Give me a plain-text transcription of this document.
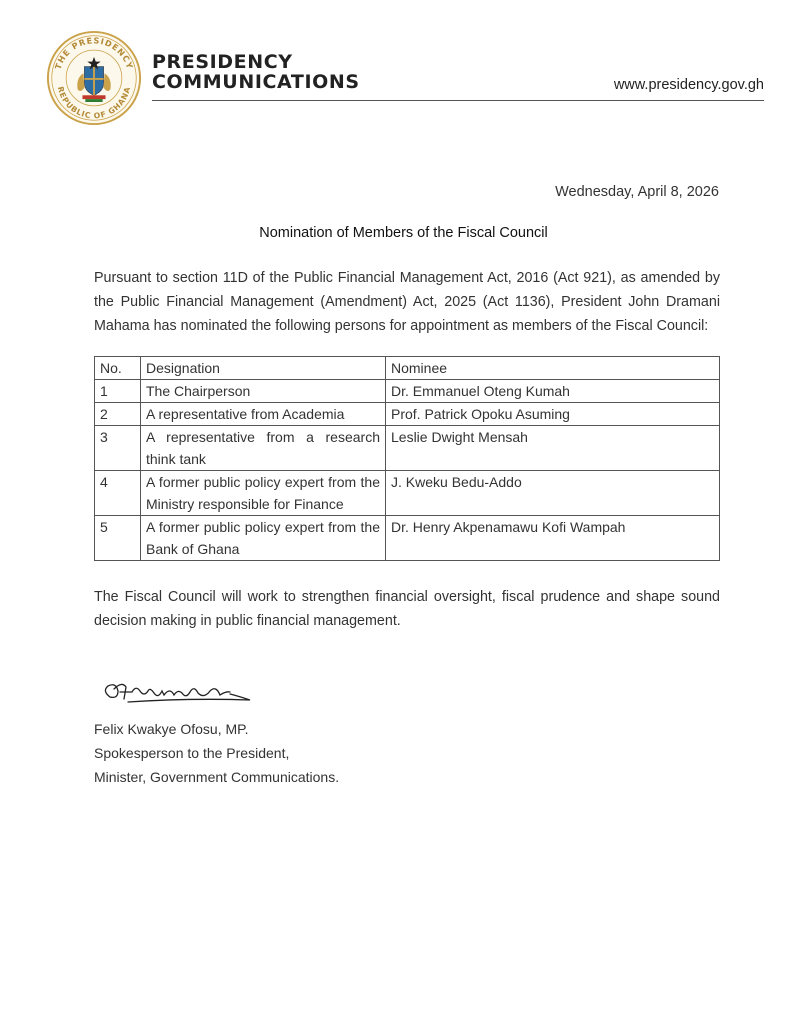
THE PRESIDENCY
REPUBLIC OF GHANA
PRESIDENCY
COMMUNICATIONS	www.presidency.gov.gh
Wednesday, April 8, 2026
Nomination of Members of the Fiscal Council

Pursuant to section 11D of the Public Financial Management Act, 2016 (Act 921), as amended by the Public Financial Management (Amendment) Act, 2025 (Act 1136), President John Dramani Mahama has nominated the following persons for appointment as members of the Fiscal Council:

No.	Designation	Nominee
1	The Chairperson	Dr. Emmanuel Oteng Kumah
2	A representative from Academia	Prof. Patrick Opoku Asuming
3	A representative from a research think tank	Leslie Dwight Mensah
4	A former public policy expert from the Ministry responsible for Finance	J. Kweku Bedu-Addo
5	A former public policy expert from the Bank of Ghana	Dr. Henry Akpenamawu Kofi Wampah

The Fiscal Council will work to strengthen financial oversight, fiscal prudence and shape sound decision making in public financial management.

Felix Kwakye Ofosu, MP.
Spokesperson to the President,
Minister, Government Communications.
